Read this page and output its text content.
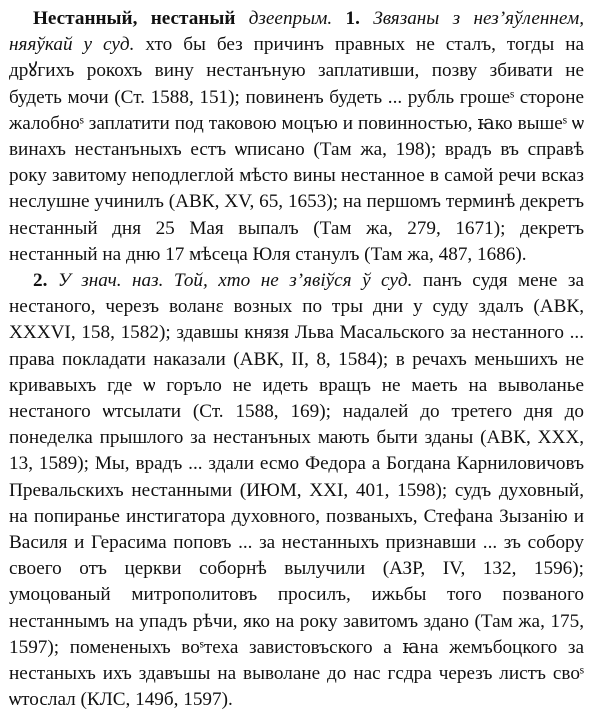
Нестанный, нестаный дзеепрым. 1. Звязаны з нез’яўленнем, няяўкай у суд. хто бы без причинъ правных не сталъ, тогды на дрꙋгихъ рокохъ вину нестанъную заплативши, позву збивати не будеть мочи (Ст. 1588, 151); повиненъ будеть ... рубль грошеˢ стороне жалобноˢ заплатити под таковою моцъю и повинностью, ꙗко вышеˢ ѡ винахъ нестанъныхъ естъ ѡписано (Там жа, 198); врадъ въ справѣ року завитому неподлеглой мѣсто вины нестанное в самой речи всказ неслушне учинилъ (АВК, XV, 65, 1653); на першомъ терминѣ декретъ нестанный дня 25 Мая выпалъ (Там жа, 279, 1671); декретъ нестанный на дню 17 мѣсеца Юля станулъ (Там жа, 487, 1686).

2. У знач. наз. Той, хто не з’явіўся ў суд. панъ судя мене за нестаного, черезъ воланε возных по тры дни у суду здалъ (АВК, XXXVI, 158, 1582); здавшы князя Льва Масальского за нестанного ... права покладати наказали (АВК, II, 8, 1584); в речахъ меньшихъ не кривавыхъ где ѡ горъло не идеть вращъ не маеть на выволанье нестаного ѡтсылати (Ст. 1588, 169); надалей до третего дня до понеделка прышлого за нестанъных мають быти зданы (АВК, XXX, 13, 1589); Мы, врадъ ... здали есмо Федора а Богдана Карниловичовъ Превальскихъ нестанными (ИЮМ, XXI, 401, 1598); судъ духовный, на попиранье инстигатора духовного, позваныхъ, Стефана Зызанію и Василя и Герасима поповъ ... за нестанныхъ признавши ... зъ собору своего отъ церкви соборнѣ вылучили (АЗР, IV, 132, 1596); умоцованый митрополитовъ просилъ, ижьбы того позваного нестаннымъ на упадъ рѣчи, яко на року завитомъ здано (Там жа, 175, 1597); помененыхъ воˢтеха завистовъского а ꙗна жемъбоцкого за нестаныхъ ихъ здавъшы на выволане до нас гсдра черезъ листъ своˢ ѡтослал (КЛС, 149б, 1597).
